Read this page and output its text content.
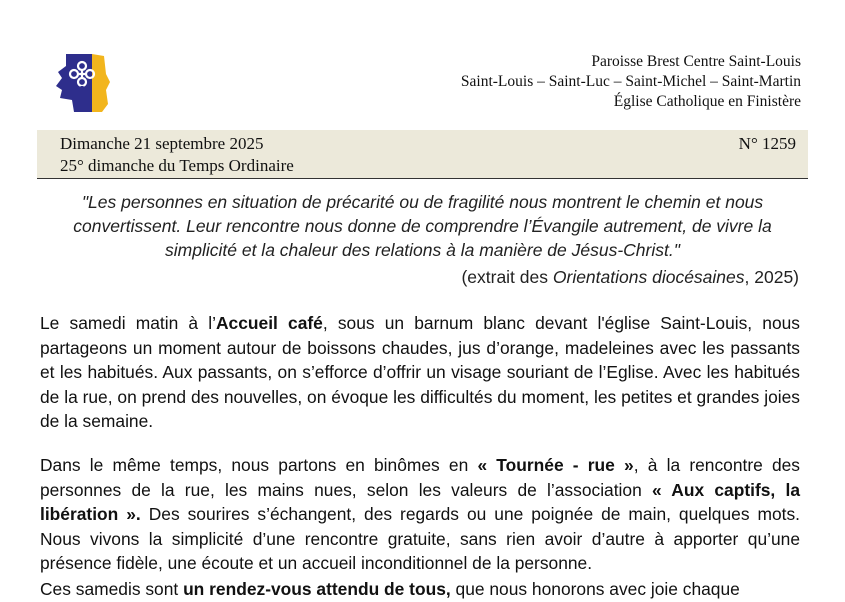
Paroisse Brest Centre Saint-Louis
Saint-Louis – Saint-Luc – Saint-Michel – Saint-Martin
Église Catholique en Finistère
Dimanche 21 septembre 2025
25° dimanche du Temps Ordinaire
N° 1259
"Les personnes en situation de précarité ou de fragilité nous montrent le chemin et nous convertissent. Leur rencontre nous donne de comprendre l’Évangile autrement, de vivre la simplicité et la chaleur des relations à la manière de Jésus-Christ."
(extrait des Orientations diocésaines, 2025)

Le samedi matin à l’Accueil café, sous un barnum blanc devant l'église Saint-Louis, nous partageons un moment autour de boissons chaudes, jus d’orange, madeleines avec les passants et les habitués. Aux passants, on s’efforce d’offrir un visage souriant de l’Eglise. Avec les habitués de la rue, on prend des nouvelles, on évoque les difficultés du moment, les petites et grandes joies de la semaine.

Dans le même temps, nous partons en binômes en « Tournée - rue », à la rencontre des personnes de la rue, les mains nues, selon les valeurs de l’association « Aux captifs, la libération ». Des sourires s’échangent, des regards ou une poignée de main, quelques mots. Nous vivons la simplicité d’une rencontre gratuite, sans rien avoir d’autre à apporter qu’une présence fidèle, une écoute et un accueil inconditionnel de la personne.

Ces samedis sont un rendez-vous attendu de tous, que nous honorons avec joie chaque
